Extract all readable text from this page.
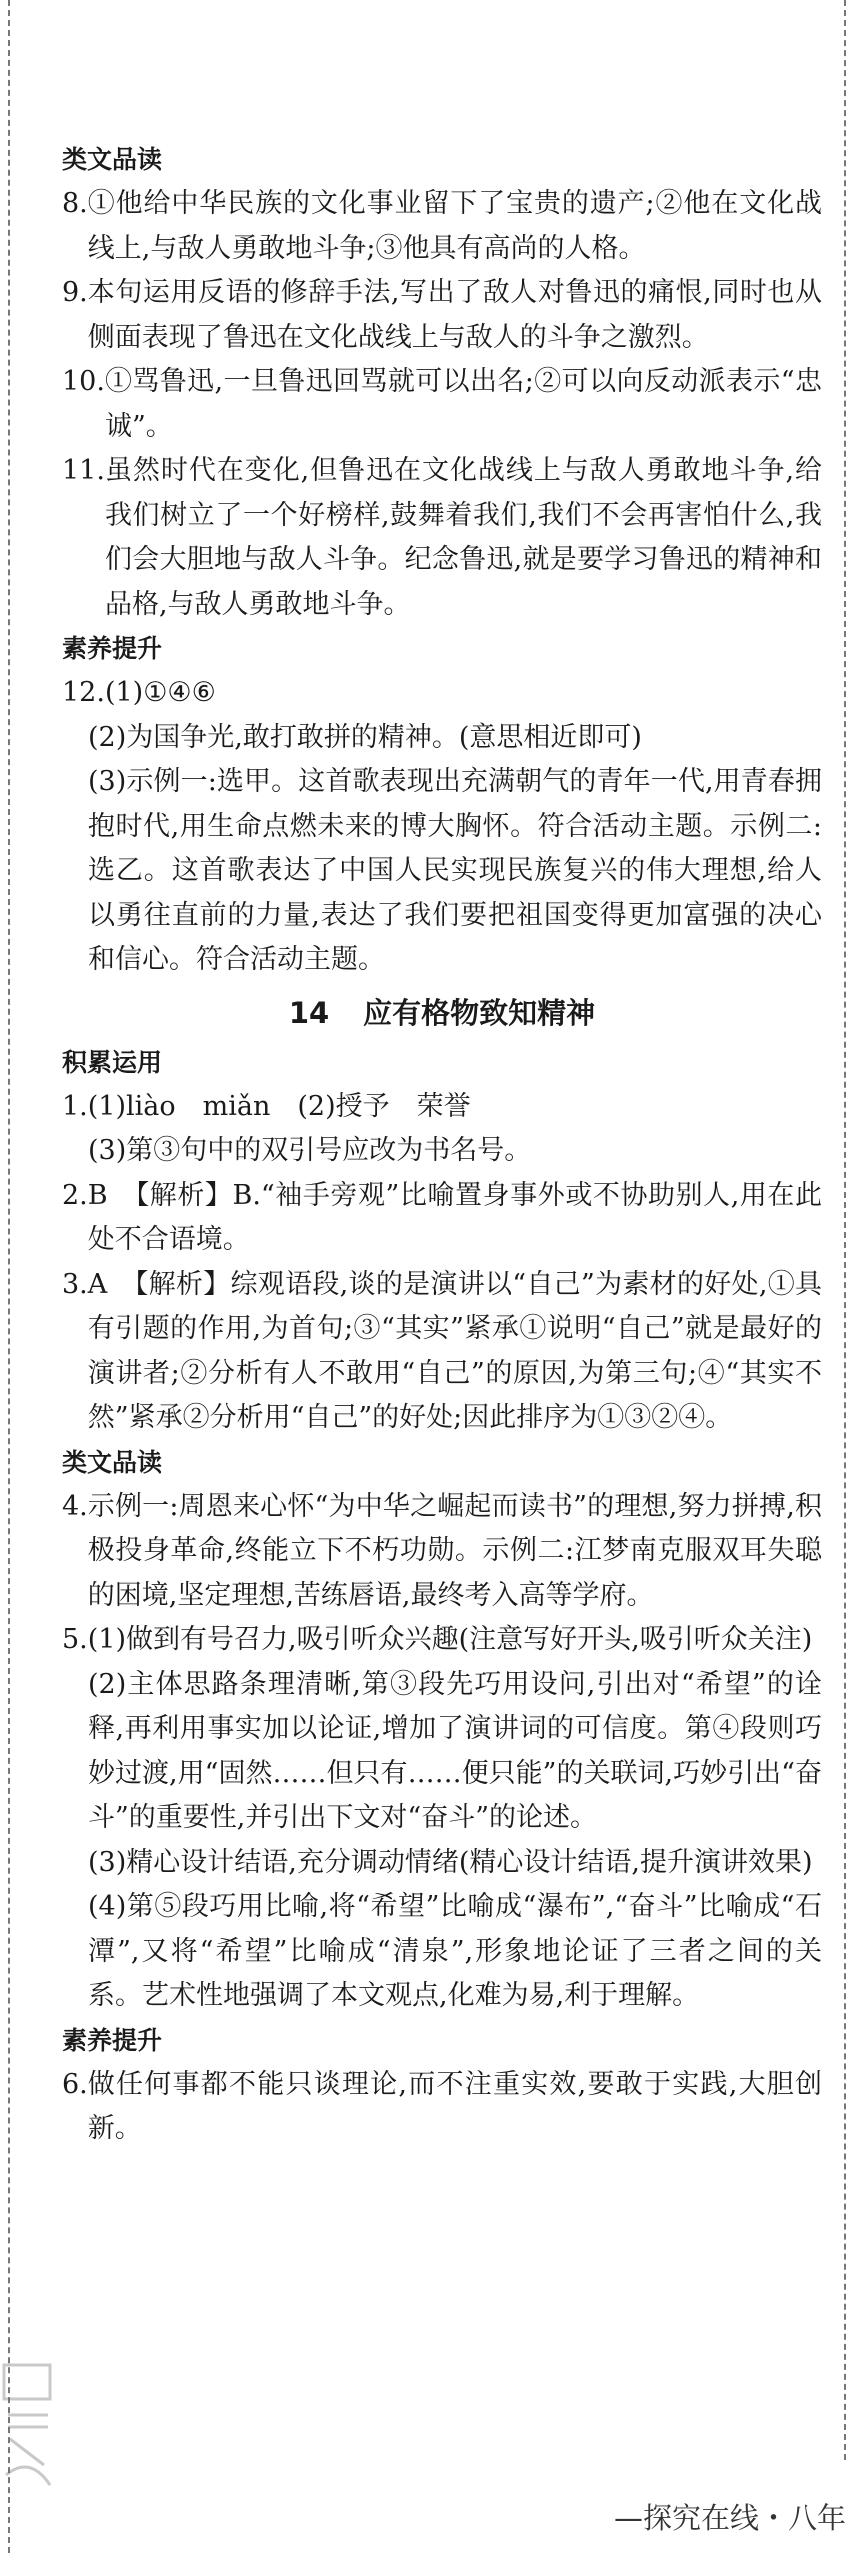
类文品读

8. ①他给中华民族的文化事业留下了宝贵的遗产;②他在文化战线上,与敌人勇敢地斗争;③他具有高尚的人格。
9. 本句运用反语的修辞手法,写出了敌人对鲁迅的痛恨,同时也从侧面表现了鲁迅在文化战线上与敌人的斗争之激烈。
10. ①骂鲁迅,一旦鲁迅回骂就可以出名;②可以向反动派表示“忠诚”。
11. 虽然时代在变化,但鲁迅在文化战线上与敌人勇敢地斗争,给我们树立了一个好榜样,鼓舞着我们,我们不会再害怕什么,我们会大胆地与敌人斗争。纪念鲁迅,就是要学习鲁迅的精神和品格,与敌人勇敢地斗争。

素养提升

12. (1)①④⑥
(2)为国争光,敢打敢拼的精神。(意思相近即可)
(3)示例一:选甲。这首歌表现出充满朝气的青年一代,用青春拥抱时代,用生命点燃未来的博大胸怀。符合活动主题。示例二:选乙。这首歌表达了中国人民实现民族复兴的伟大理想,给人以勇往直前的力量,表达了我们要把祖国变得更加富强的决心和信心。符合活动主题。
14 应有格物致知精神

积累运用

1. (1)liào　miǎn　(2)授予　荣誉
(3)第③句中的双引号应改为书名号。
2. B　【解析】B.“袖手旁观”比喻置身事外或不协助别人,用在此处不合语境。
3. A　【解析】综观语段,谈的是演讲以“自己”为素材的好处,①具有引题的作用,为首句;③“其实”紧承①说明“自己”就是最好的演讲者;②分析有人不敢用“自己”的原因,为第三句;④“其实不然”紧承②分析用“自己”的好处;因此排序为①③②④。

类文品读

4. 示例一:周恩来心怀“为中华之崛起而读书”的理想,努力拼搏,积极投身革命,终能立下不朽功勋。示例二:江梦南克服双耳失聪的困境,坚定理想,苦练唇语,最终考入高等学府。
5. (1)做到有号召力,吸引听众兴趣(注意写好开头,吸引听众关注)
(2)主体思路条理清晰,第③段先巧用设问,引出对“希望”的诠释,再利用事实加以论证,增加了演讲词的可信度。第④段则巧妙过渡,用“固然……但只有……便只能”的关联词,巧妙引出“奋斗”的重要性,并引出下文对“奋斗”的论述。
(3)精心设计结语,充分调动情绪(精心设计结语,提升演讲效果)
(4)第⑤段巧用比喻,将“希望”比喻成“瀑布”,“奋斗”比喻成“石潭”,又将“希望”比喻成“清泉”,形象地论证了三者之间的关系。艺术性地强调了本文观点,化难为易,利于理解。

素养提升

6. 做任何事都不能只谈理论,而不注重实效,要敢于实践,大胆创新。
—探究在线・八年
